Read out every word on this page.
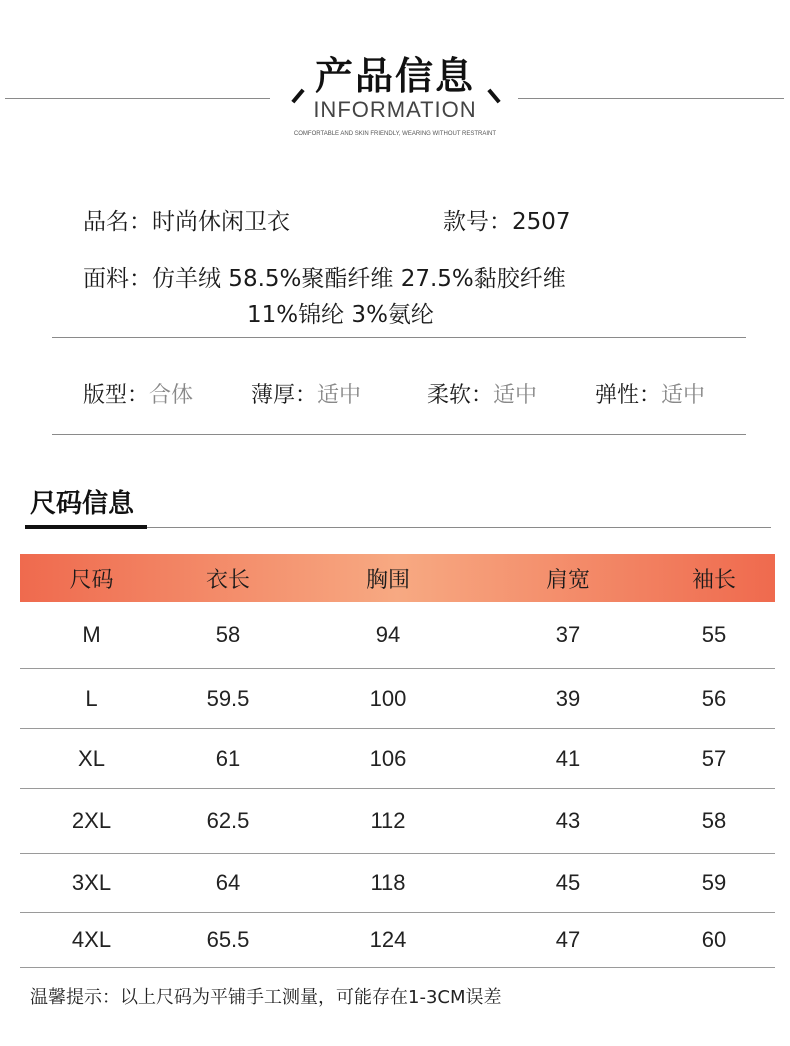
产品信息
INFORMATION
COMFORTABLE AND SKIN FRIENDLY, WEARING WITHOUT RESTRAINT
品名：时尚休闲卫衣	款号：2507
面料：仿羊绒 58.5%聚酯纤维 27.5%黏胶纤维
11%锦纶 3%氨纶
版型：合体	薄厚：适中	柔软：适中	弹性：适中
尺码信息
尺码	衣长	胸围	肩宽	袖长
M	58	94	37	55
L	59.5	100	39	56
XL	61	106	41	57
2XL	62.5	112	43	58
3XL	64	118	45	59
4XL	65.5	124	47	60
温馨提示：以上尺码为平铺手工测量，可能存在1-3CM误差
